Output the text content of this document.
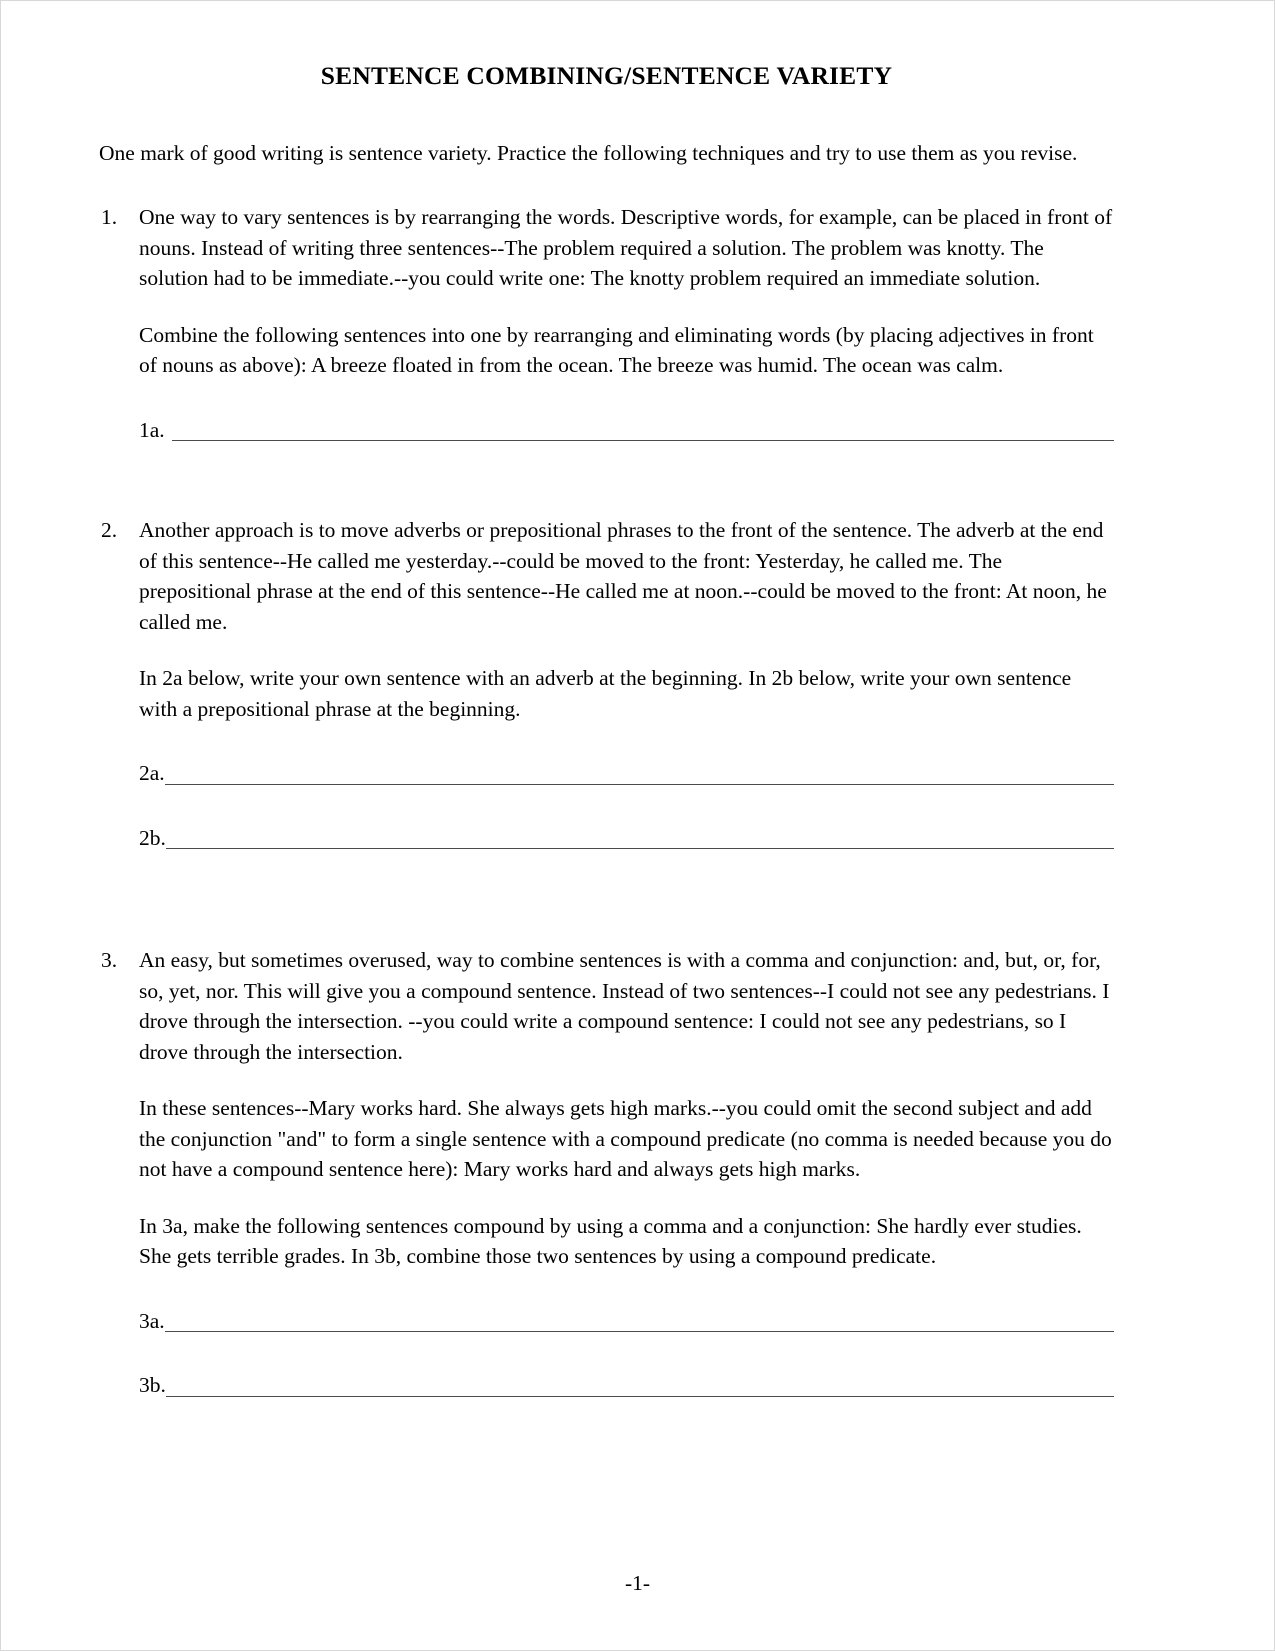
SENTENCE COMBINING/SENTENCE VARIETY

One mark of good writing is sentence variety. Practice the following techniques and try to use them as you revise.

1. One way to vary sentences is by rearranging the words. Descriptive words, for example, can be placed in front of nouns. Instead of writing three sentences--The problem required a solution. The problem was knotty. The solution had to be immediate.--you could write one: The knotty problem required an immediate solution.

Combine the following sentences into one by rearranging and eliminating words (by placing adjectives in front of nouns as above): A breeze floated in from the ocean. The breeze was humid. The ocean was calm.

1a.
2. Another approach is to move adverbs or prepositional phrases to the front of the sentence. The adverb at the end of this sentence--He called me yesterday.--could be moved to the front: Yesterday, he called me. The prepositional phrase at the end of this sentence--He called me at noon.--could be moved to the front: At noon, he called me.

In 2a below, write your own sentence with an adverb at the beginning. In 2b below, write your own sentence with a prepositional phrase at the beginning.

2a.
2b.
3. An easy, but sometimes overused, way to combine sentences is with a comma and conjunction: and, but, or, for, so, yet, nor. This will give you a compound sentence. Instead of two sentences--I could not see any pedestrians. I drove through the intersection. --you could write a compound sentence: I could not see any pedestrians, so I drove through the intersection.

In these sentences--Mary works hard. She always gets high marks.--you could omit the second subject and add the conjunction "and" to form a single sentence with a compound predicate (no comma is needed because you do not have a compound sentence here): Mary works hard and always gets high marks.

In 3a, make the following sentences compound by using a comma and a conjunction: She hardly ever studies. She gets terrible grades. In 3b, combine those two sentences by using a compound predicate.

3a.
3b.
-1-
